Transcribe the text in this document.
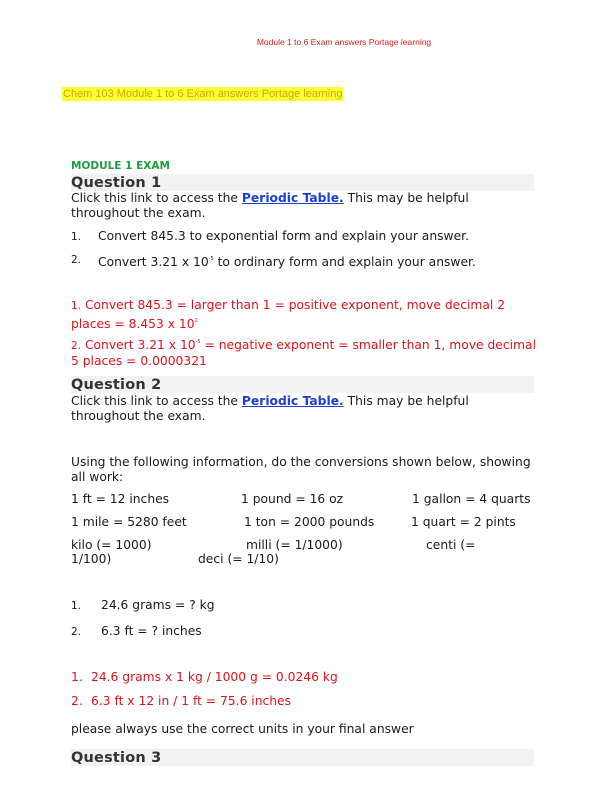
Module 1 to 6 Exam answers Portage learning
Chem 103 Module 1 to 6 Exam answers Portage learning
MODULE 1 EXAM
Question 1
Click this link to access the Periodic Table. This may be helpful throughout the exam.
1. Convert 845.3 to exponential form and explain your answer.
2. Convert 3.21 x $10^{-5}$ to ordinary form and explain your answer.
1. Convert 845.3 = larger than 1 = positive exponent, move decimal 2 places = 8.453 x $10^2$
2. Convert 3.21 x $10^{-5}$ = negative exponent = smaller than 1, move decimal 5 places = 0.0000321
Question 2
Click this link to access the Periodic Table. This may be helpful throughout the exam.
Using the following information, do the conversions shown below, showing all work:
1 ft = 12 inches	1 pound = 16 oz	1 gallon = 4 quarts
1 mile = 5280 feet	1 ton = 2000 pounds	1 quart = 2 pints
kilo (= 1000)	milli (= 1/1000)	centi (=
1/100)	deci (= 1/10)
1. 24.6 grams = ? kg
2. 6.3 ft = ? inches
1. 24.6 grams x 1 kg / 1000 g = 0.0246 kg
2. 6.3 ft x 12 in / 1 ft = 75.6 inches
please always use the correct units in your final answer
Question 3
